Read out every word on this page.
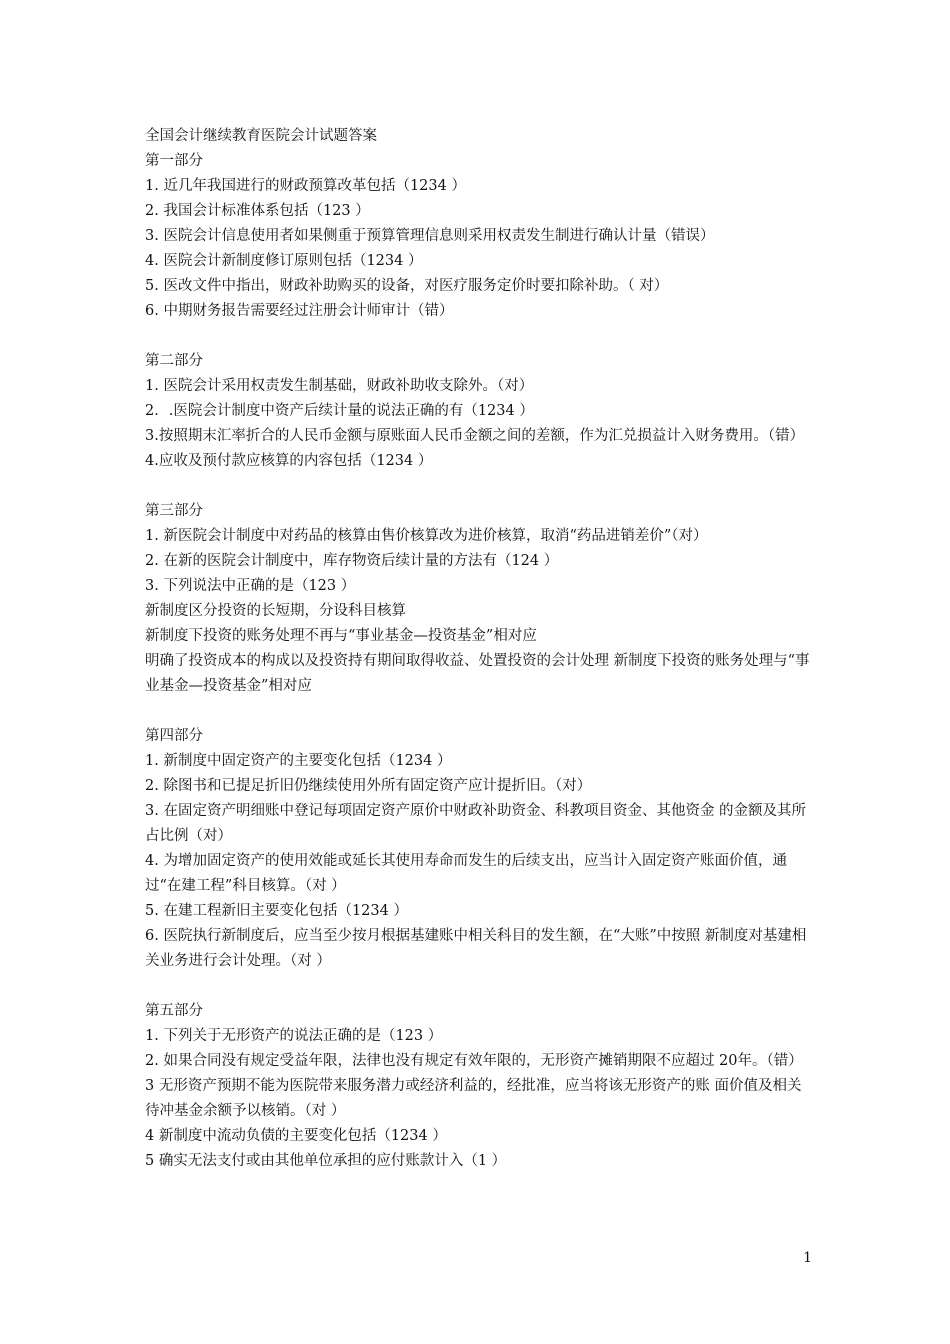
全国会计继续教育医院会计试题答案

第一部分

1. 近几年我国进行的财政预算改革包括（1234 ）

2. 我国会计标准体系包括（123 ）

3. 医院会计信息使用者如果侧重于预算管理信息则采用权责发生制进行确认计量（错误）

4. 医院会计新制度修订原则包括（1234 ）

5. 医改文件中指出，财政补助购买的设备，对医疗服务定价时要扣除补助。（ 对）

6. 中期财务报告需要经过注册会计师审计（错）

第二部分

1. 医院会计采用权责发生制基础，财政补助收支除外。（对）

2．.医院会计制度中资产后续计量的说法正确的有（1234 ）

3.按照期末汇率折合的人民币金额与原账面人民币金额之间的差额，作为汇兑损益计入财务费用。（错）

4.应收及预付款应核算的内容包括（1234 ）

第三部分

1. 新医院会计制度中对药品的核算由售价核算改为进价核算，取消“药品进销差价”（对）

2. 在新的医院会计制度中，库存物资后续计量的方法有（124 ）

3. 下列说法中正确的是（123 ）

新制度区分投资的长短期，分设科目核算

新制度下投资的账务处理不再与“事业基金—投资基金”相对应

明确了投资成本的构成以及投资持有期间取得收益、处置投资的会计处理 新制度下投资的账务处理与“事业基金—投资基金”相对应

第四部分

1. 新制度中固定资产的主要变化包括（1234 ）

2. 除图书和已提足折旧仍继续使用外所有固定资产应计提折旧。（对）

3. 在固定资产明细账中登记每项固定资产原价中财政补助资金、科教项目资金、其他资金 的金额及其所占比例（对）

4. 为增加固定资产的使用效能或延长其使用寿命而发生的后续支出，应当计入固定资产账面价值，通过“在建工程”科目核算。（对 ）

5. 在建工程新旧主要变化包括（1234 ）

6. 医院执行新制度后，应当至少按月根据基建账中相关科目的发生额，在“大账”中按照 新制度对基建相关业务进行会计处理。（对 ）

第五部分

1. 下列关于无形资产的说法正确的是（123 ）

2. 如果合同没有规定受益年限，法律也没有规定有效年限的，无形资产摊销期限不应超过 20年。（错）

3 无形资产预期不能为医院带来服务潜力或经济利益的，经批准，应当将该无形资产的账 面价值及相关待冲基金余额予以核销。（对 ）

4 新制度中流动负债的主要变化包括（1234 ）

5 确实无法支付或由其他单位承担的应付账款计入（1 ）

1
